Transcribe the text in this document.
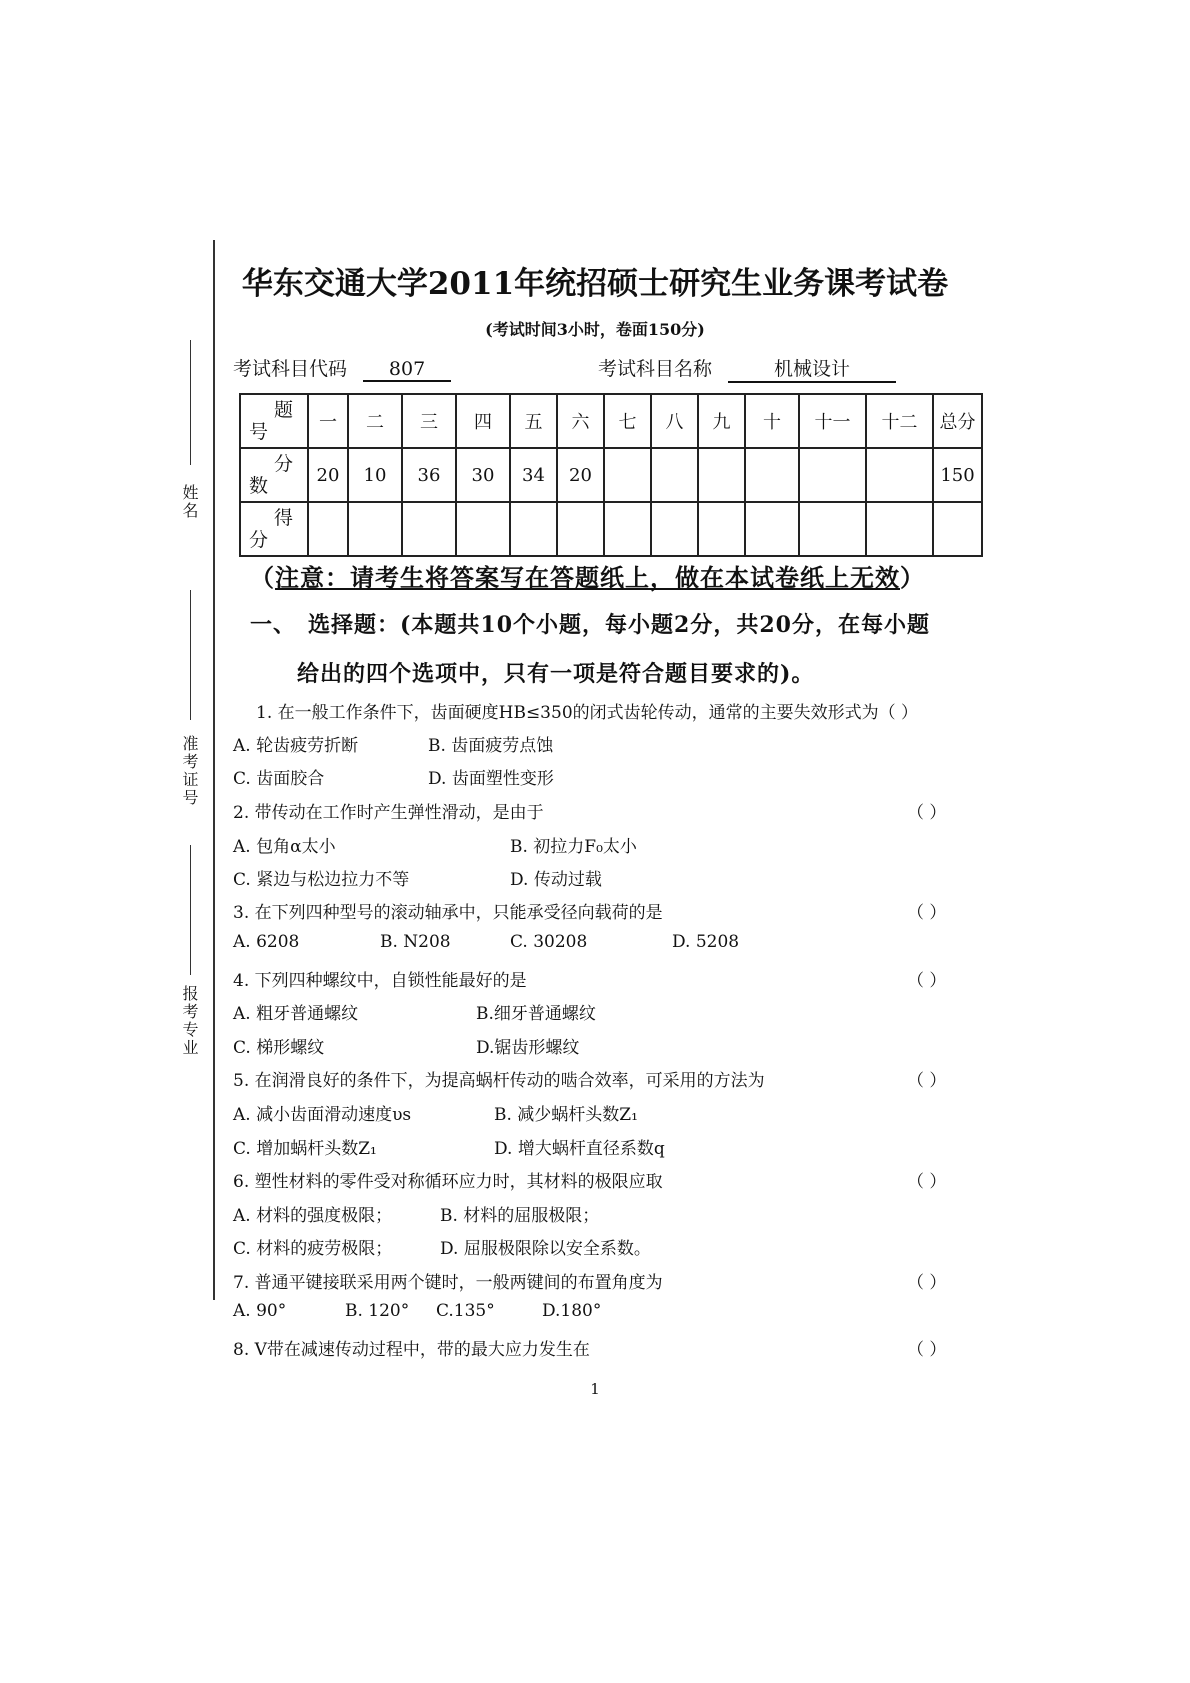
姓名
准考证号
报考专业
华东交通大学2011年统招硕士研究生业务课考试卷
(考试时间3小时，卷面150分)
考试科目代码 807	考试科目名称	机械设计
题
号	一	二	三	四	五	六	七	八	九	十	十一	十二	总分

分
数	20	10	36	30	34	20							150

得
分													

（注意：请考生将答案写在答题纸上，做在本试卷纸上无效）
一、 选择题：(本题共10个小题，每小题2分，共20分，在每小题
给出的四个选项中，只有一项是符合题目要求的)。
1. 在一般工作条件下，齿面硬度HB≤350的闭式齿轮传动，通常的主要失效形式为（ ）
A. 轮齿疲劳折断	B. 齿面疲劳点蚀
C. 齿面胶合	D. 齿面塑性变形
2. 带传动在工作时产生弹性滑动，是由于	（ ）
A. 包角α太小	B. 初拉力F₀太小
C. 紧边与松边拉力不等	D. 传动过载
3. 在下列四种型号的滚动轴承中，只能承受径向载荷的是	（ ）
A. 6208	B. N208	C. 30208	D. 5208
4. 下列四种螺纹中，自锁性能最好的是	（ ）
A. 粗牙普通螺纹	B.细牙普通螺纹
C. 梯形螺纹	D.锯齿形螺纹
5. 在润滑良好的条件下，为提高蜗杆传动的啮合效率，可采用的方法为	（ ）
A. 减小齿面滑动速度υs	B. 减少蜗杆头数Z₁
C. 增加蜗杆头数Z₁	D. 增大蜗杆直径系数q
6. 塑性材料的零件受对称循环应力时，其材料的极限应取	（ ）
A. 材料的强度极限；	B. 材料的屈服极限；
C. 材料的疲劳极限；	D. 屈服极限除以安全系数。
7. 普通平键接联采用两个键时，一般两键间的布置角度为	（ ）
A. 90°	B. 120° C.135°	D.180°
8. V带在减速传动过程中，带的最大应力发生在	（ ）
1
